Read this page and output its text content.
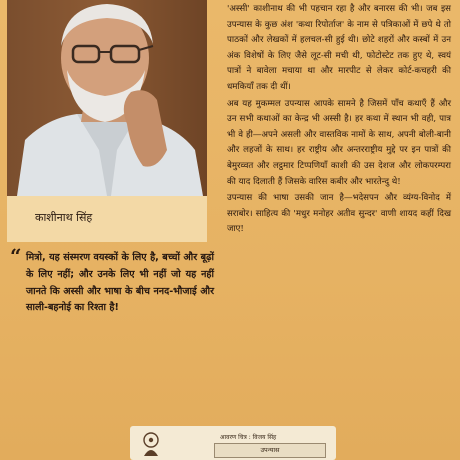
काशीनाथ सिंह
“ मित्रो, यह संस्मरण वयस्कों के लिए है, बच्चों और बूढ़ों के लिए नहीं; और उनके लिए भी नहीं जो यह नहीं जानते कि अस्सी और भाषा के बीच ननद-भौजाई और साली-बहनोई का रिश्ता है!

'अस्सी' काशीनाथ की भी पहचान रहा है और बनारस की भी। जब इस उपन्यास के कुछ अंश 'कथा रिपोर्ताज' के नाम से पत्रिकाओं में छपे थे तो पाठकों और लेखकों में हलचल-सी हुई थी। छोटे शहरों और कस्बों में उन अंक विशेषों के लिए जैसे लूट-सी मची थी, फोटोस्टेट तक हुए थे, स्वयं पात्रों ने बावेला मचाया था और मारपीट से लेकर कोर्ट-कचहरी की धमकियाँ तक दी थीं।

अब यह मुकम्मल उपन्यास आपके सामने है जिसमें पाँच कथाएँ हैं और उन सभी कथाओं का केन्द्र भी अस्सी है। हर कथा में स्थान भी वही, पात्र भी वे ही—अपने असली और वास्तविक नामों के साथ, अपनी बोली-बानी और लहजों के साथ। हर राष्ट्रीय और अन्तरराष्ट्रीय मुद्दे पर इन पात्रों की बेमुरव्वत और लट्ठमार टिप्पणियाँ काशी की उस देशज और लोकपरम्परा की याद दिलाती हैं जिसके वारिस कबीर और भारतेन्दु थे!

उपन्यास की भाषा उसकी जान है—भदेसपन और व्यंग्य-विनोद में सराबोर। साहित्य की 'मधुर मनोहर अतीव सुन्दर' वाणी शायद कहीं दिख जाए!

आवरण चित्र : विजय सिंह
उपन्यास
